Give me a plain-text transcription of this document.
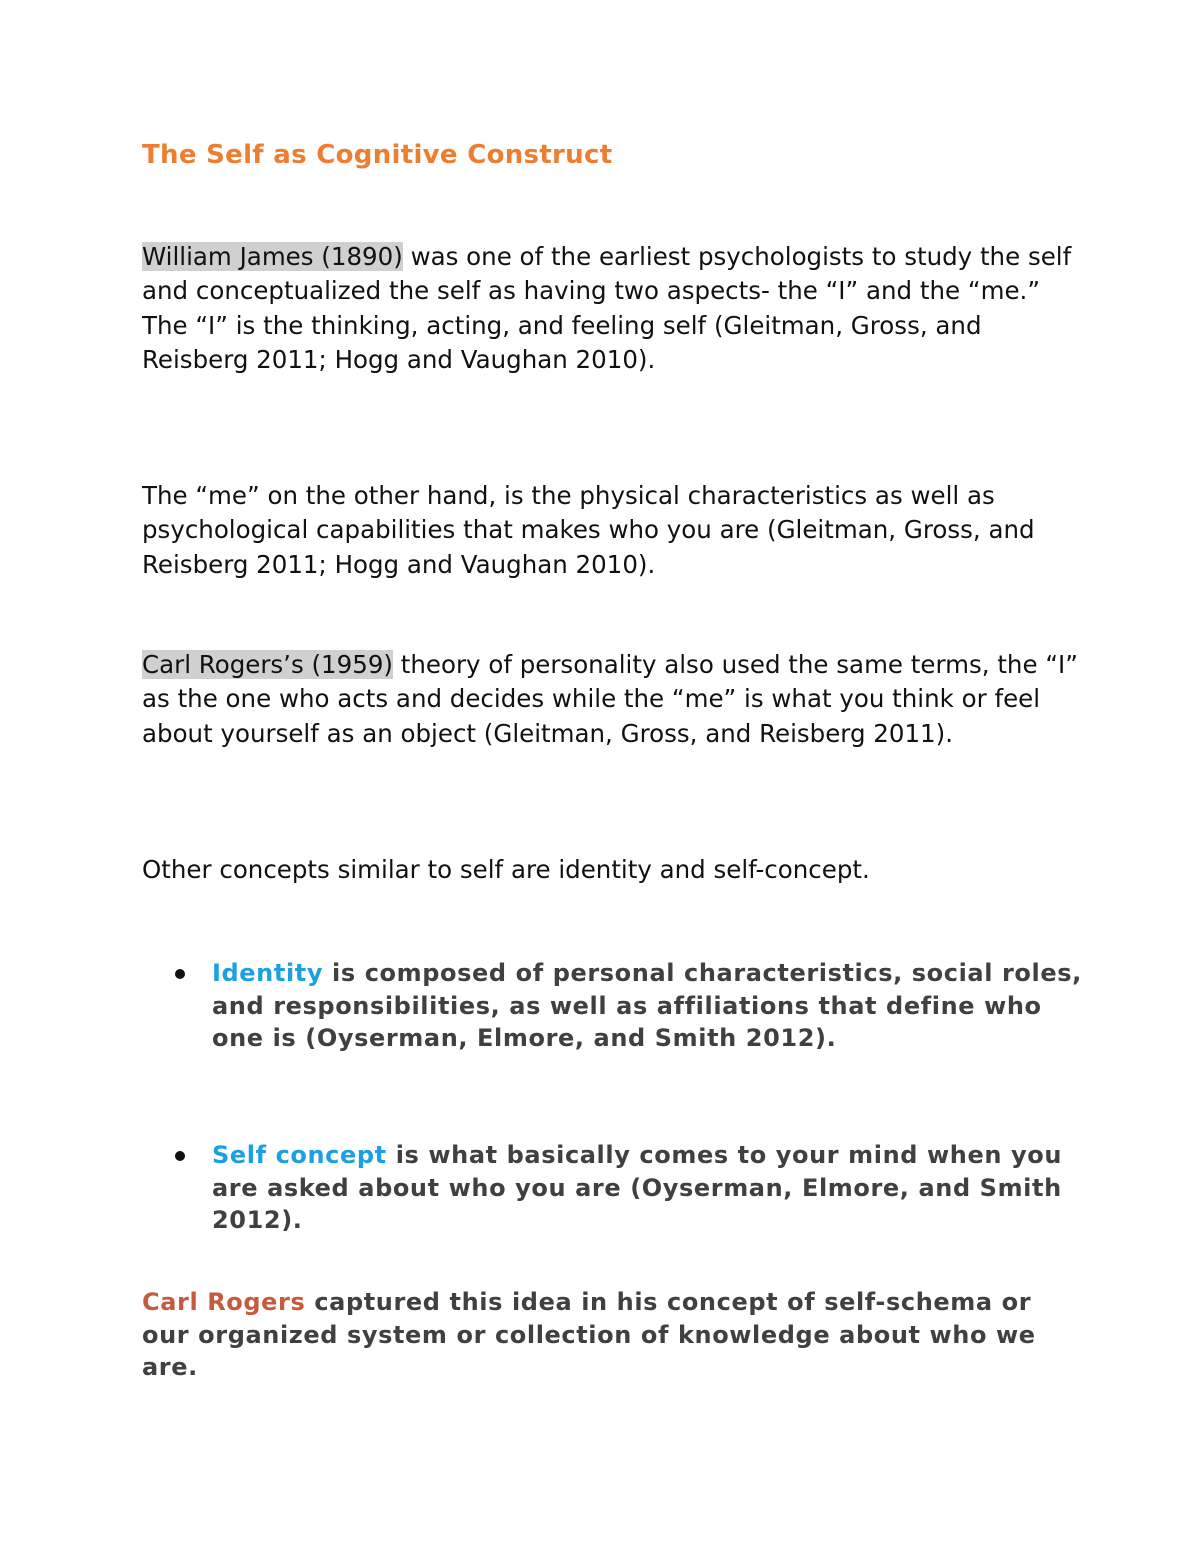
The Self as Cognitive Construct

William James (1890) was one of the earliest psychologists to study the self and conceptualized the self as having two aspects- the “I” and the “me.” The “I” is the thinking, acting, and feeling self (Gleitman, Gross, and Reisberg 2011; Hogg and Vaughan 2010).

The “me” on the other hand, is the physical characteristics as well as psychological capabilities that makes who you are (Gleitman, Gross, and Reisberg 2011; Hogg and Vaughan 2010).

Carl Rogers’s (1959) theory of personality also used the same terms, the “I” as the one who acts and decides while the “me” is what you think or feel about yourself as an object (Gleitman, Gross, and Reisberg 2011).

Other concepts similar to self are identity and self-concept.

Identity is composed of personal characteristics, social roles, and responsibilities, as well as affiliations that define who one is (Oyserman, Elmore, and Smith 2012).
Self concept is what basically comes to your mind when you are asked about who you are (Oyserman, Elmore, and Smith 2012).

Carl Rogers captured this idea in his concept of self-schema or our organized system or collection of knowledge about who we are.
